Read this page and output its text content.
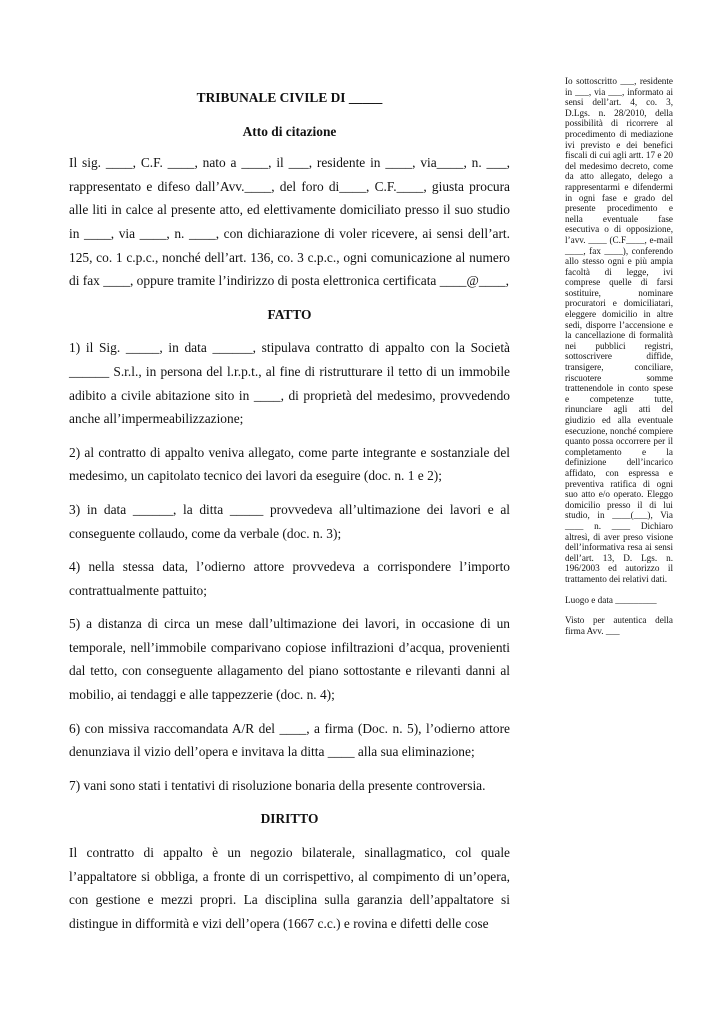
TRIBUNALE CIVILE DI _____

Atto di citazione

Il sig. ____, C.F. ____, nato a ____, il ___, residente in ____, via____, n. ___, rappresentato e difeso dall’Avv.____, del foro di____, C.F.____, giusta procura alle liti in calce al presente atto, ed elettivamente domiciliato presso il suo studio in ____, via ____, n. ____, con dichiarazione di voler ricevere, ai sensi dell’art. 125, co. 1 c.p.c., nonché dell’art. 136, co. 3 c.p.c., ogni comunicazione al numero di fax ____, oppure tramite l’indirizzo di posta elettronica certificata ____@____,

FATTO

1) il Sig. _____, in data ______, stipulava contratto di appalto con la Società ______ S.r.l., in persona del l.r.p.t., al fine di ristrutturare il tetto di un immobile adibito a civile abitazione sito in ____, di proprietà del medesimo, provvedendo anche all’impermeabilizzazione;

2) al contratto di appalto veniva allegato, come parte integrante e sostanziale del medesimo, un capitolato tecnico dei lavori da eseguire (doc. n. 1 e 2);

3) in data ______, la ditta _____ provvedeva all’ultimazione dei lavori e al conseguente collaudo, come da verbale (doc. n. 3);

4) nella stessa data, l’odierno attore provvedeva a corrispondere l’importo contrattualmente pattuito;

5) a distanza di circa un mese dall’ultimazione dei lavori, in occasione di un temporale, nell’immobile comparivano copiose infiltrazioni d’acqua, provenienti dal tetto, con conseguente allagamento del piano sottostante e rilevanti danni al mobilio, ai tendaggi e alle tappezzerie (doc. n. 4);

6) con missiva raccomandata A/R del ____, a firma (Doc. n. 5), l’odierno attore denunziava il vizio dell’opera e invitava la ditta ____ alla sua eliminazione;

7) vani sono stati i tentativi di risoluzione bonaria della presente controversia.

DIRITTO

Il contratto di appalto è un negozio bilaterale, sinallagmatico, col quale l’appaltatore si obbliga, a fronte di un corrispettivo, al compimento di un’opera, con gestione e mezzi propri. La disciplina sulla garanzia dell’appaltatore si distingue in difformità e vizi dell’opera (1667 c.c.) e rovina e difetti delle cose

Io sottoscritto ___, residente in ___, via ___, informato ai sensi dell’art. 4, co. 3, D.Lgs. n. 28/2010, della possibilità di ricorrere al procedimento di mediazione ivi previsto e dei benefici fiscali di cui agli artt. 17 e 20 del medesimo decreto, come da atto allegato, delego a rappresentarmi e difendermi in ogni fase e grado del presente procedimento e nella eventuale fase esecutiva o di opposizione, l’avv. ____ (C.F____, e-mail ____, fax ____), conferendo allo stesso ogni e più ampia facoltà di legge, ivi comprese quelle di farsi sostituire, nominare procuratori e domiciliatari, eleggere domicilio in altre sedi, disporre l’accensione e la cancellazione di formalità nei pubblici registri, sottoscrivere diffide, transigere, conciliare, riscuotere somme trattenendole in conto spese e competenze tutte, rinunciare agli atti del giudizio ed alla eventuale esecuzione, nonché compiere quanto possa occorrere per il completamento e la definizione dell’incarico affidato, con espressa e preventiva ratifica di ogni suo atto e/o operato. Eleggo domicilio presso il di lui studio, in ____(___), Via ____ n. ____ Dichiaro altresì, di aver preso visione dell’informativa resa ai sensi dell’art. 13, D. Lgs. n. 196/2003 ed autorizzo il trattamento dei relativi dati.

Luogo e data _________

Visto per autentica della firma Avv. ___
